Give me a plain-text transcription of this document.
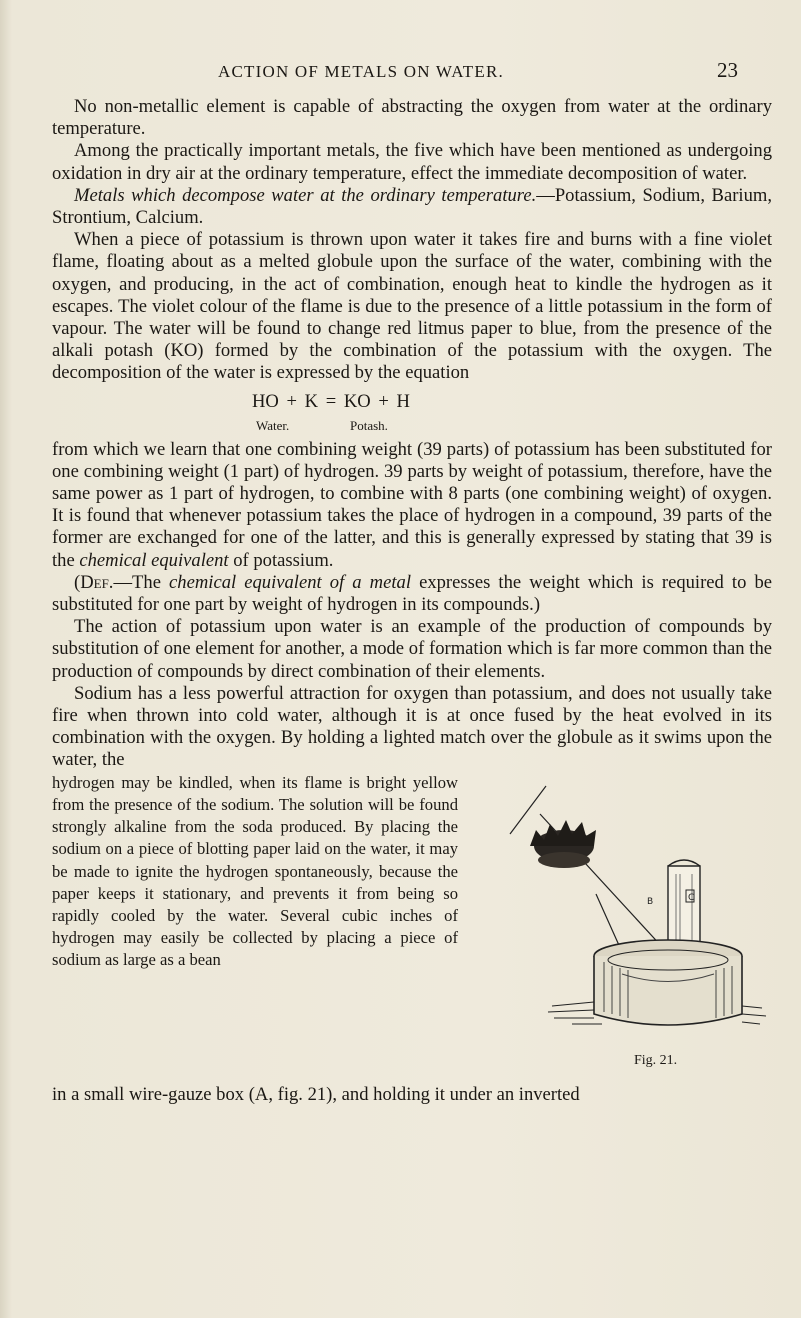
ACTION OF METALS ON WATER.	23

No non-metallic element is capable of abstracting the oxygen from water at the ordinary temperature.

Among the practically important metals, the five which have been mentioned as undergoing oxidation in dry air at the ordinary temperature, effect the immediate decomposition of water.

Metals which decompose water at the ordinary temperature.—Potassium, Sodium, Barium, Strontium, Calcium.

When a piece of potassium is thrown upon water it takes fire and burns with a fine violet flame, floating about as a melted globule upon the surface of the water, combining with the oxygen, and producing, in the act of combination, enough heat to kindle the hydrogen as it escapes. The violet colour of the flame is due to the presence of a little potassium in the form of vapour. The water will be found to change red litmus paper to blue, from the presence of the alkali potash (KO) formed by the combination of the potassium with the oxygen. The decomposition of the water is expressed by the equation

HO + K = KO + H
Water.	Potash.

from which we learn that one combining weight (39 parts) of potassium has been substituted for one combining weight (1 part) of hydrogen. 39 parts by weight of potassium, therefore, have the same power as 1 part of hydrogen, to combine with 8 parts (one combining weight) of oxygen. It is found that whenever potassium takes the place of hydrogen in a compound, 39 parts of the former are exchanged for one of the latter, and this is generally expressed by stating that 39 is the chemical equivalent of potassium.

(Def.—The chemical equivalent of a metal expresses the weight which is required to be substituted for one part by weight of hydrogen in its compounds.)

The action of potassium upon water is an example of the production of compounds by substitution of one element for another, a mode of formation which is far more common than the production of compounds by direct combination of their elements.

Sodium has a less powerful attraction for oxygen than potassium, and does not usually take fire when thrown into cold water, although it is at once fused by the heat evolved in its combination with the oxygen. By holding a lighted match over the globule as it swims upon the water, the

C
B
Fig. 21.

hydrogen may be kindled, when its flame is bright yellow from the presence of the sodium. The solution will be found strongly alkaline from the soda produced. By placing the sodium on a piece of blotting paper laid on the water, it may be made to ignite the hydrogen spontaneously, because the paper keeps it stationary, and prevents it from being so rapidly cooled by the water. Several cubic inches of hydrogen may easily be collected by placing a piece of sodium as large as a bean

in a small wire-gauze box (A, fig. 21), and holding it under an inverted
